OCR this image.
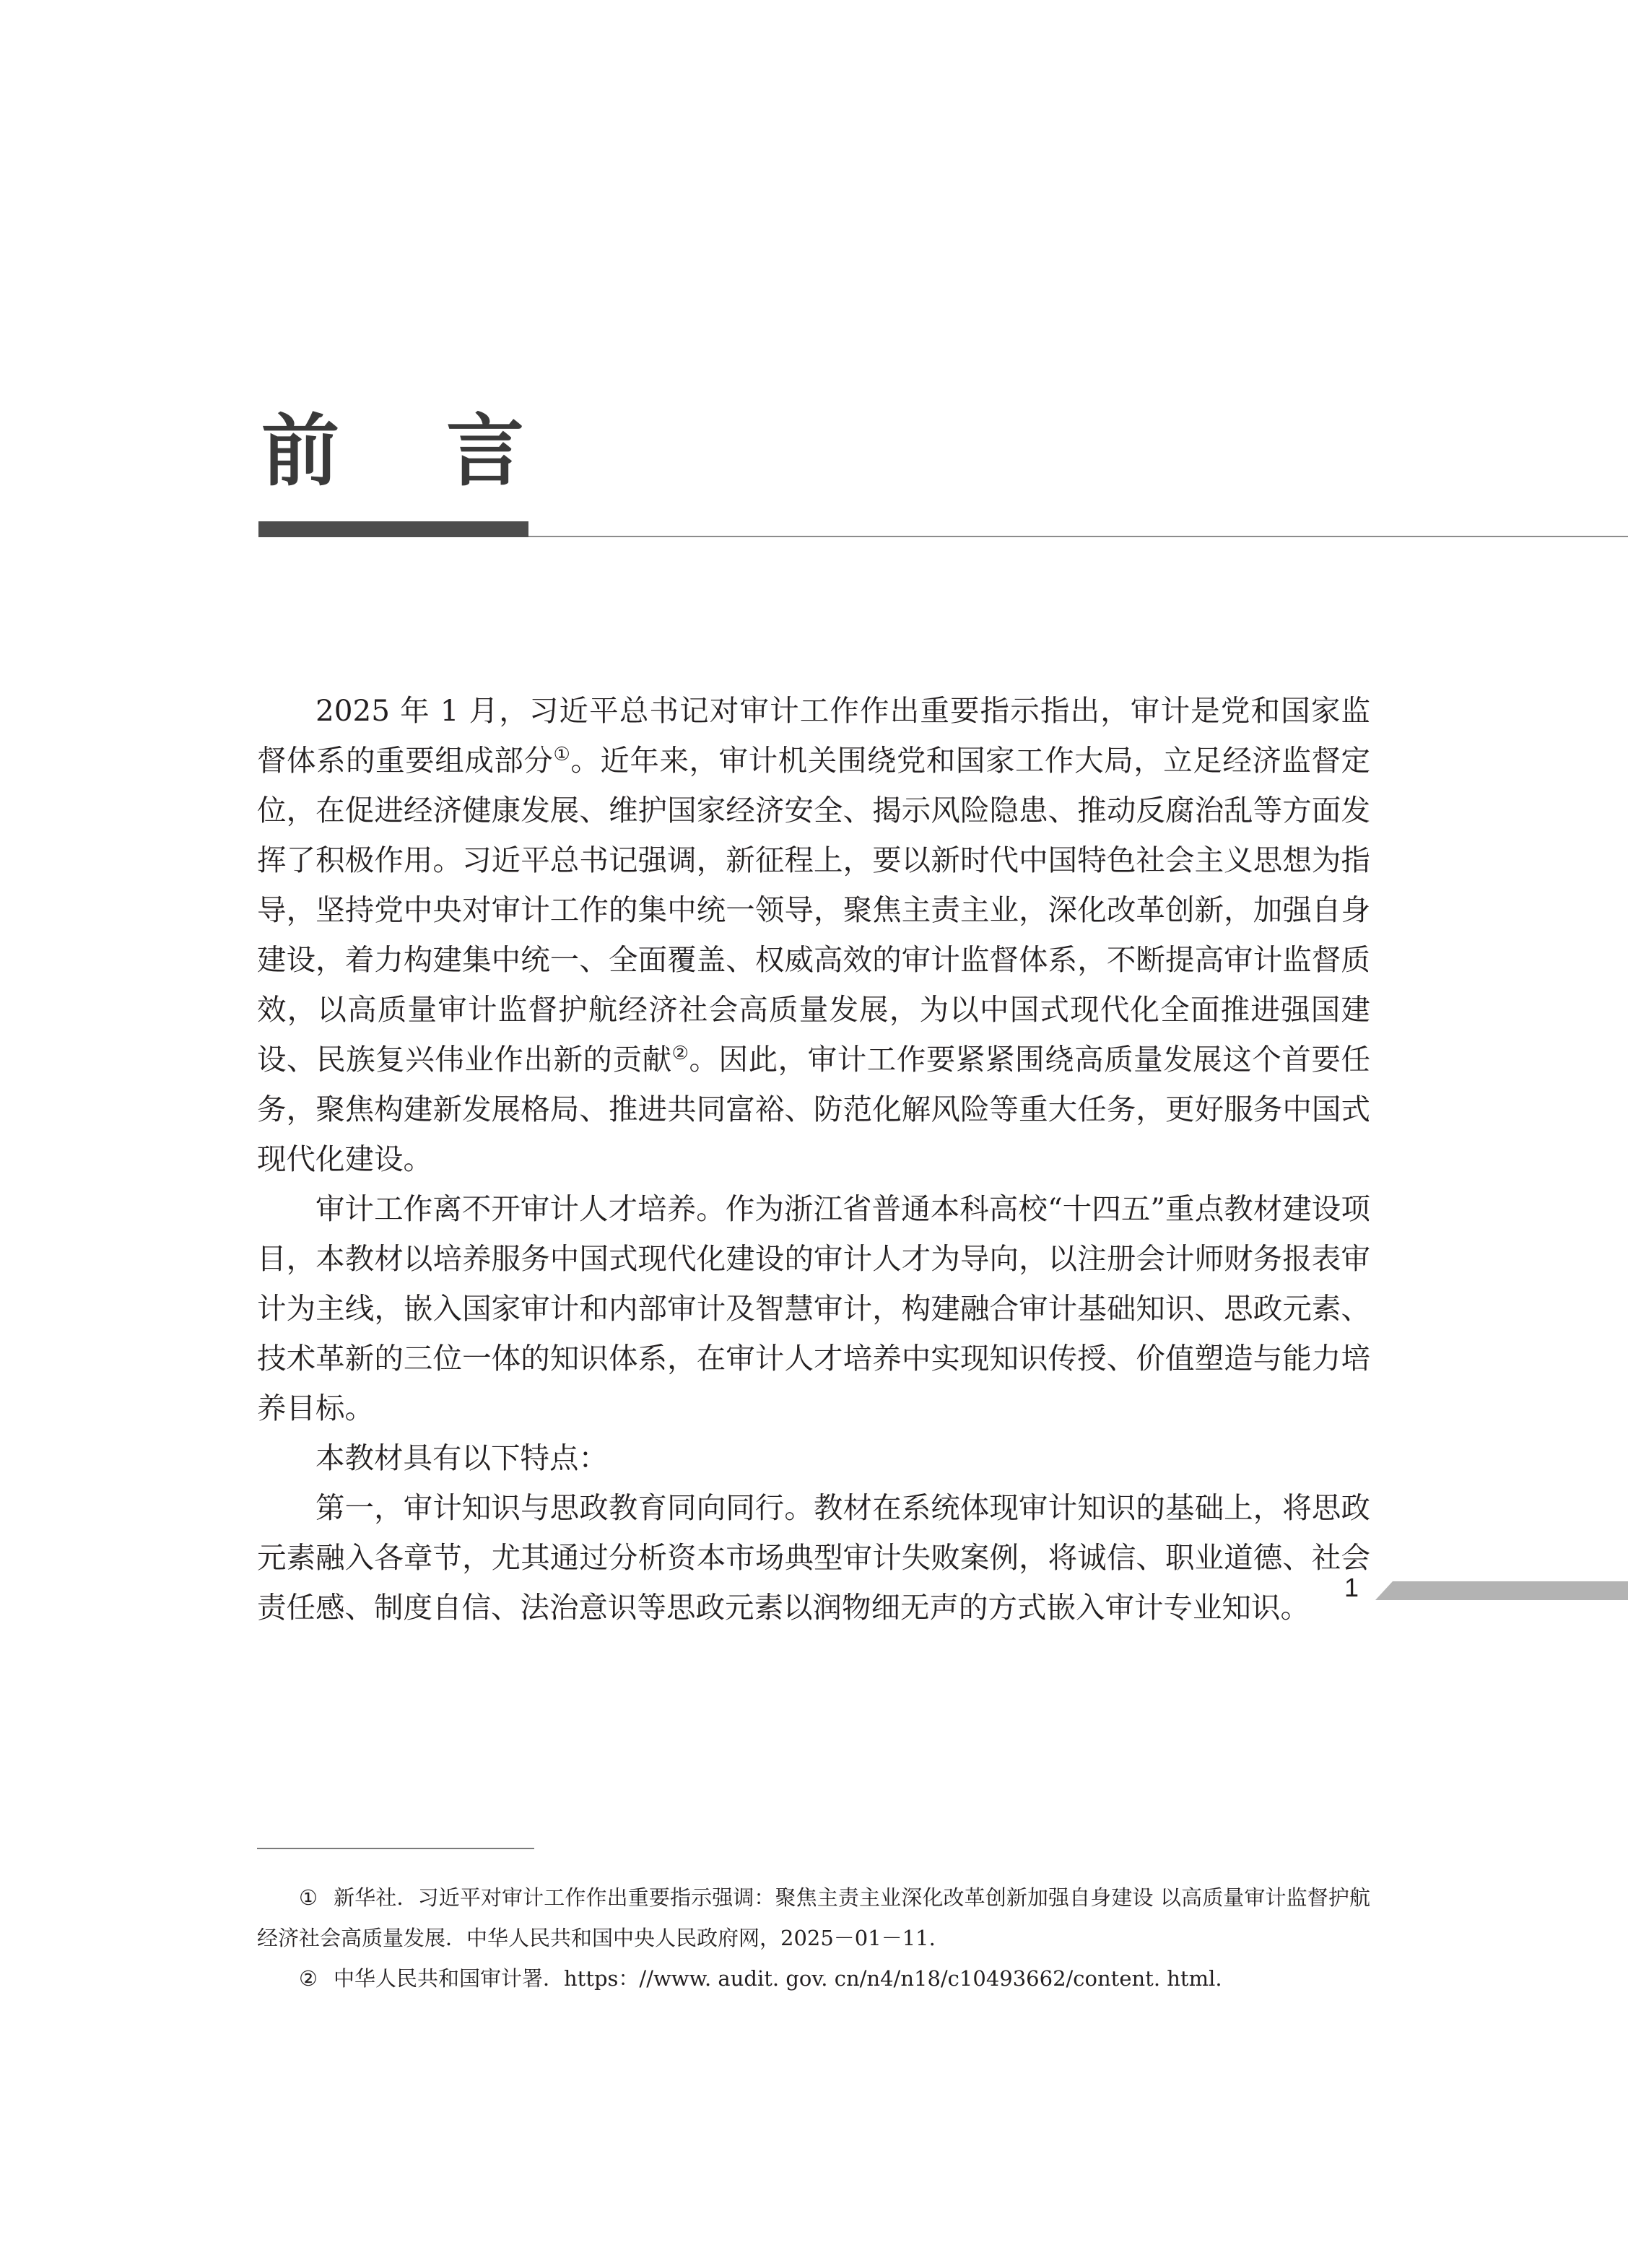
前言

2025 年 1 月，习近平总书记对审计工作作出重要指示指出，审计是党和国家监督体系的重要组成部分①。近年来，审计机关围绕党和国家工作大局，立足经济监督定位，在促进经济健康发展、维护国家经济安全、揭示风险隐患、推动反腐治乱等方面发挥了积极作用。习近平总书记强调，新征程上，要以新时代中国特色社会主义思想为指导，坚持党中央对审计工作的集中统一领导，聚焦主责主业，深化改革创新，加强自身建设，着力构建集中统一、全面覆盖、权威高效的审计监督体系，不断提高审计监督质效，以高质量审计监督护航经济社会高质量发展，为以中国式现代化全面推进强国建设、民族复兴伟业作出新的贡献②。因此，审计工作要紧紧围绕高质量发展这个首要任务，聚焦构建新发展格局、推进共同富裕、防范化解风险等重大任务，更好服务中国式现代化建设。

审计工作离不开审计人才培养。作为浙江省普通本科高校“十四五”重点教材建设项目，本教材以培养服务中国式现代化建设的审计人才为导向，以注册会计师财务报表审计为主线，嵌入国家审计和内部审计及智慧审计，构建融合审计基础知识、思政元素、技术革新的三位一体的知识体系，在审计人才培养中实现知识传授、价值塑造与能力培养目标。

本教材具有以下特点：

第一，审计知识与思政教育同向同行。教材在系统体现审计知识的基础上，将思政元素融入各章节，尤其通过分析资本市场典型审计失败案例，将诚信、职业道德、社会责任感、制度自信、法治意识等思政元素以润物细无声的方式嵌入审计专业知识。

① 新华社．习近平对审计工作作出重要指示强调：聚焦主责主业深化改革创新加强自身建设 以高质量审计监督护航经济社会高质量发展．中华人民共和国中央人民政府网，2025－01－11.

② 中华人民共和国审计署．https：//www. audit. gov. cn/n4/n18/c10493662/content. html.

1
